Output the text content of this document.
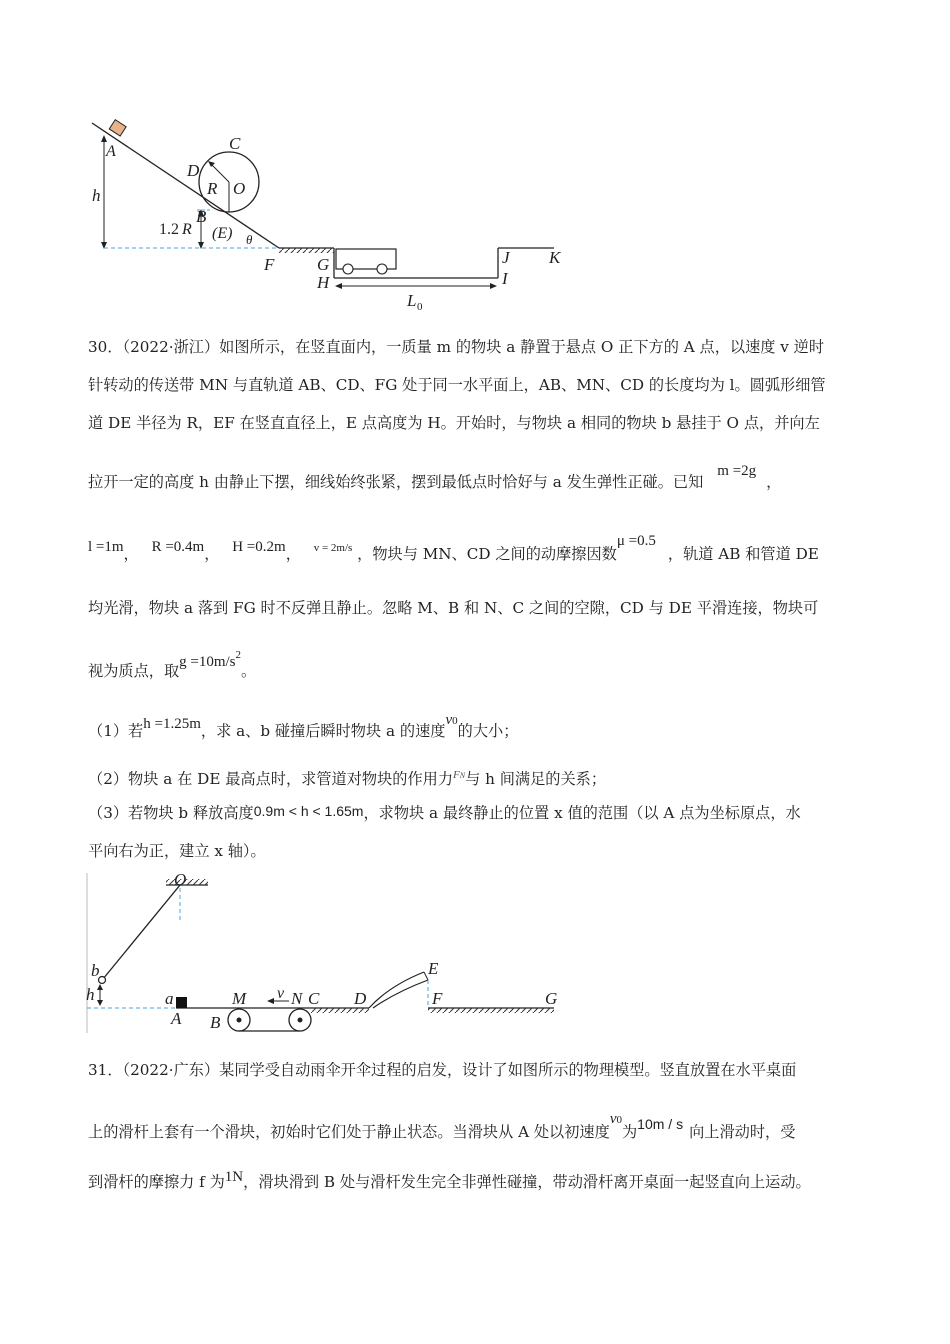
A
h
C
D
R O
B
1.2 R (E) θ
F	G
H
J
I
K
L 0
30．（2022·浙江）如图所示，在竖直面内，一质量 m 的物块 a 静置于悬点 O 正下方的 A 点，以速度 v 逆时
针转动的传送带 MN 与直轨道 AB、CD、FG 处于同一水平面上，AB、MN、CD 的长度均为 l。圆弧形细管
道 DE 半径为 R，EF 在竖直直径上，E 点高度为 H。开始时，与物块 a 相同的物块 b 悬挂于 O 点，并向左
拉开一定的高度 h 由静止下摆，细线始终张紧，摆到最低点时恰好与 a 发生弹性正碰。已知m =2g，
l =1m， R =0.4m， H =0.2m， $^{v = 2m/s}$ ，物块与 MN、CD 之间的动摩擦因数μ =0.5，轨道 AB 和管道 DE
均光滑，物块 a 落到 FG 时不反弹且静止。忽略 M、B 和 N、C 之间的空隙，CD 与 DE 平滑连接，物块可
视为质点，取$g =10m/s^2$。
（1）若h =1.25m，求 a、b 碰撞后瞬时物块 a 的速度v0的大小；
（2）物块 a 在 DE 最高点时，求管道对物块的作用力$^{FN}$与 h 间满足的关系；
（3）若物块 b 释放高度0.9m < h < 1.65m，求物块 a 最终静止的位置 x 值的范围（以 A 点为坐标原点，水
平向右为正，建立 x 轴）。
O
b
h	a
A
M
B
v N C D
E
F	G
31．（2022·广东）某同学受自动雨伞开伞过程的启发，设计了如图所示的物理模型。竖直放置在水平桌面
上的滑杆上套有一个滑块，初始时它们处于静止状态。当滑块从 A 处以初速度v0为10m / s 向上滑动时，受
到滑杆的摩擦力 f 为1N，滑块滑到 B 处与滑杆发生完全非弹性碰撞，带动滑杆离开桌面一起竖直向上运动。
